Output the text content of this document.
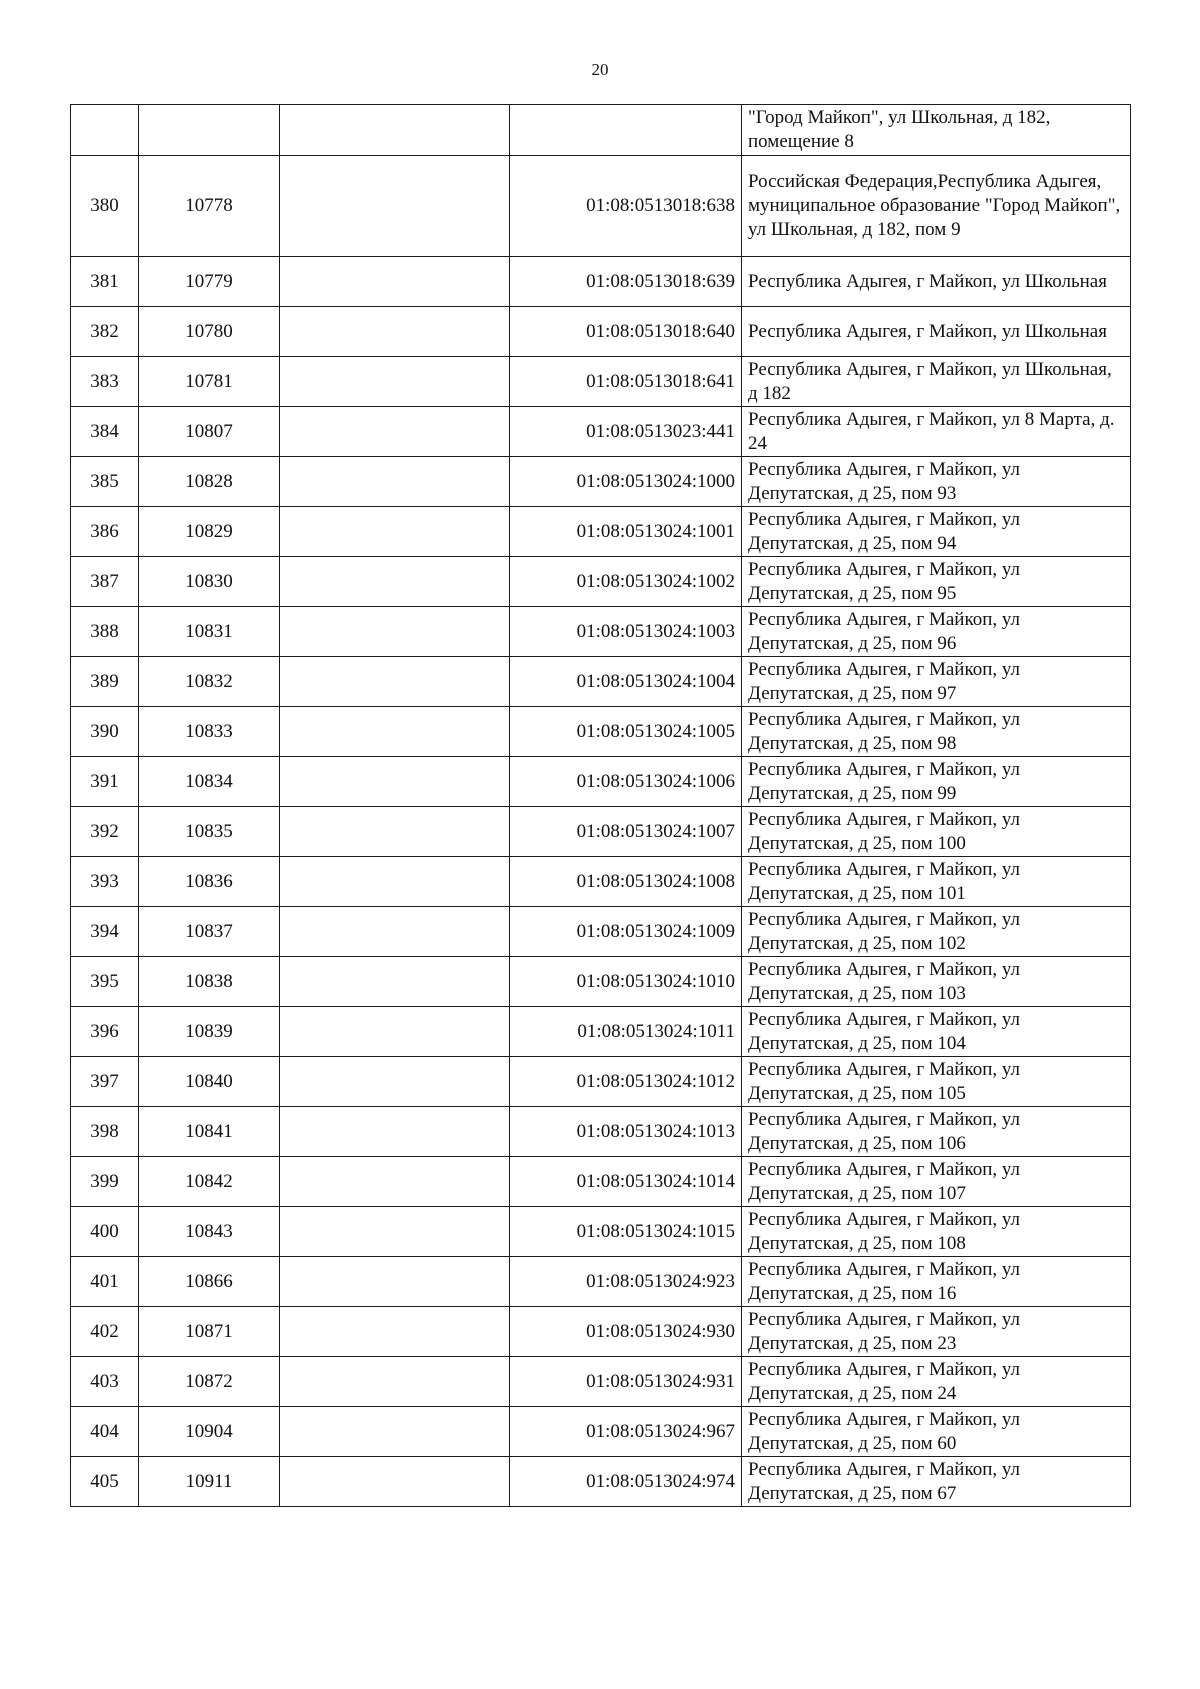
20
				"Город Майкоп", ул Школьная, д 182, помещение 8
380	10778		01:08:0513018:638	Российская Федерация,Республика Адыгея, муниципальное образование "Город Майкоп", ул Школьная, д 182, пом 9
381	10779		01:08:0513018:639	Республика Адыгея, г Майкоп, ул Школьная
382	10780		01:08:0513018:640	Республика Адыгея, г Майкоп, ул Школьная
383	10781		01:08:0513018:641	Республика Адыгея, г Майкоп, ул Школьная, д 182
384	10807		01:08:0513023:441	Республика Адыгея, г Майкоп, ул 8 Марта, д. 24
385	10828		01:08:0513024:1000	Республика Адыгея, г Майкоп, ул Депутатская, д 25, пом 93
386	10829		01:08:0513024:1001	Республика Адыгея, г Майкоп, ул Депутатская, д 25, пом 94
387	10830		01:08:0513024:1002	Республика Адыгея, г Майкоп, ул Депутатская, д 25, пом 95
388	10831		01:08:0513024:1003	Республика Адыгея, г Майкоп, ул Депутатская, д 25, пом 96
389	10832		01:08:0513024:1004	Республика Адыгея, г Майкоп, ул Депутатская, д 25, пом 97
390	10833		01:08:0513024:1005	Республика Адыгея, г Майкоп, ул Депутатская, д 25, пом 98
391	10834		01:08:0513024:1006	Республика Адыгея, г Майкоп, ул Депутатская, д 25, пом 99
392	10835		01:08:0513024:1007	Республика Адыгея, г Майкоп, ул Депутатская, д 25, пом 100
393	10836		01:08:0513024:1008	Республика Адыгея, г Майкоп, ул Депутатская, д 25, пом 101
394	10837		01:08:0513024:1009	Республика Адыгея, г Майкоп, ул Депутатская, д 25, пом 102
395	10838		01:08:0513024:1010	Республика Адыгея, г Майкоп, ул Депутатская, д 25, пом 103
396	10839		01:08:0513024:1011	Республика Адыгея, г Майкоп, ул Депутатская, д 25, пом 104
397	10840		01:08:0513024:1012	Республика Адыгея, г Майкоп, ул Депутатская, д 25, пом 105
398	10841		01:08:0513024:1013	Республика Адыгея, г Майкоп, ул Депутатская, д 25, пом 106
399	10842		01:08:0513024:1014	Республика Адыгея, г Майкоп, ул Депутатская, д 25, пом 107
400	10843		01:08:0513024:1015	Республика Адыгея, г Майкоп, ул Депутатская, д 25, пом 108
401	10866		01:08:0513024:923	Республика Адыгея, г Майкоп, ул Депутатская, д 25, пом 16
402	10871		01:08:0513024:930	Республика Адыгея, г Майкоп, ул Депутатская, д 25, пом 23
403	10872		01:08:0513024:931	Республика Адыгея, г Майкоп, ул Депутатская, д 25, пом 24
404	10904		01:08:0513024:967	Республика Адыгея, г Майкоп, ул Депутатская, д 25, пом 60
405	10911		01:08:0513024:974	Республика Адыгея, г Майкоп, ул Депутатская, д 25, пом 67
